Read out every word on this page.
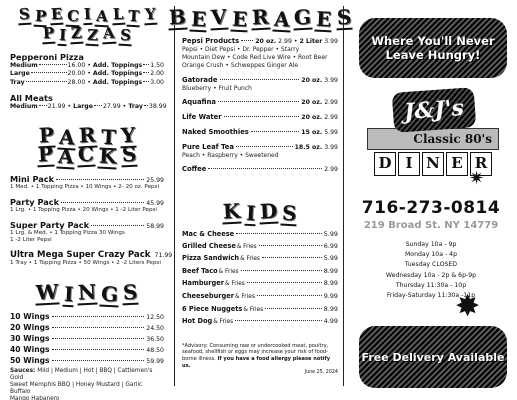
S P E C I A L T Y
P I Z Z A S
Pepperoni Pizza
Medium	16.00 • Add. Toppings 1.50
Large	20.00 • Add. Toppings 2.00
Tray	28.00 • Add. Toppings 3.00
All Meats
Medium 21.99 • Large 27.99 • Tray 38.99
P A R T Y
P A C K S
Mini Pack	25.99
1 Med. • 1 Topping Pizza • 10 Wings • 2- 20 oz. Pepsi
Party Pack	45.99
1 Lrg. • 1 Topping Pizza • 20 Wings • 1 -2 Liter Pepsi
Super Party Pack	58.99
1 Lrg. & Med. • 1 Topping Pizza 30 Wings
1 -2 Liter Pepsi
Ultra Mega Super Crazy Pack 71.99
1 Tray • 1 Topping Pizza • 50 Wings • 2 -2 Liters Pepsi
W I N G S
10 Wings	12.50
20 Wings	24.50
30 Wings	36.50
40 Wings	48.50
50 Wings	59.99
Sauces: Mild | Medium | Hot | BBQ | Cattlemen's Gold
Sweet Memphis BBQ | Honey Mustard | Garlic Buffalo
Mango Habanero
B E V E R A G E S
Pepsi Products	20 oz. 2.99 • 2 Liter 3.99
Pepsi • Diet Pepsi • Dr. Pepper • Starry
Mountain Dew • Code Red Live Wire • Root Beer
Orange Crush • Schweppes Ginger Ale
Gatorade	20 oz. 3.99
Blueberry • Fruit Punch
Aquafina	20 oz. 2.99
Life Water	20 oz. 2.99
Naked Smoothies	15 oz. 5.99
Pure Leaf Tea	18.5 oz. 3.99
Peach • Raspberry • Sweetened
Coffee	2.99
K I D S
Mac & Cheese	5.99
Grilled Cheese & Fries	6.99
Pizza Sandwich & Fries	5.99
Beef Taco & Fries	8.99
Hamburger & Fries	8.99
Cheeseburger & Fries	9.99
6 Piece Nuggets & Fries	8.99
Hot Dog & Fries	4.99
*Advisory: Consuming raw or undercooked meat, poultry, seafood, shellfish or eggs may increase your risk of food-borne illness. If you have a food allergy please notify us.
June 25, 2024
Where You'll Never
Leave Hungry!
Classic 80's
J&J's
D I N E R
✷
716-273-0814
219 Broad St. NY 14779
Sunday 10a - 9p
Monday 10a - 4p
Tuesday CLOSED
Wednesday 10a - 2p & 6p-9p
Thursday 11:30a - 10p
Friday-Saturday 11:30a -11p
✸
Free Delivery Available
